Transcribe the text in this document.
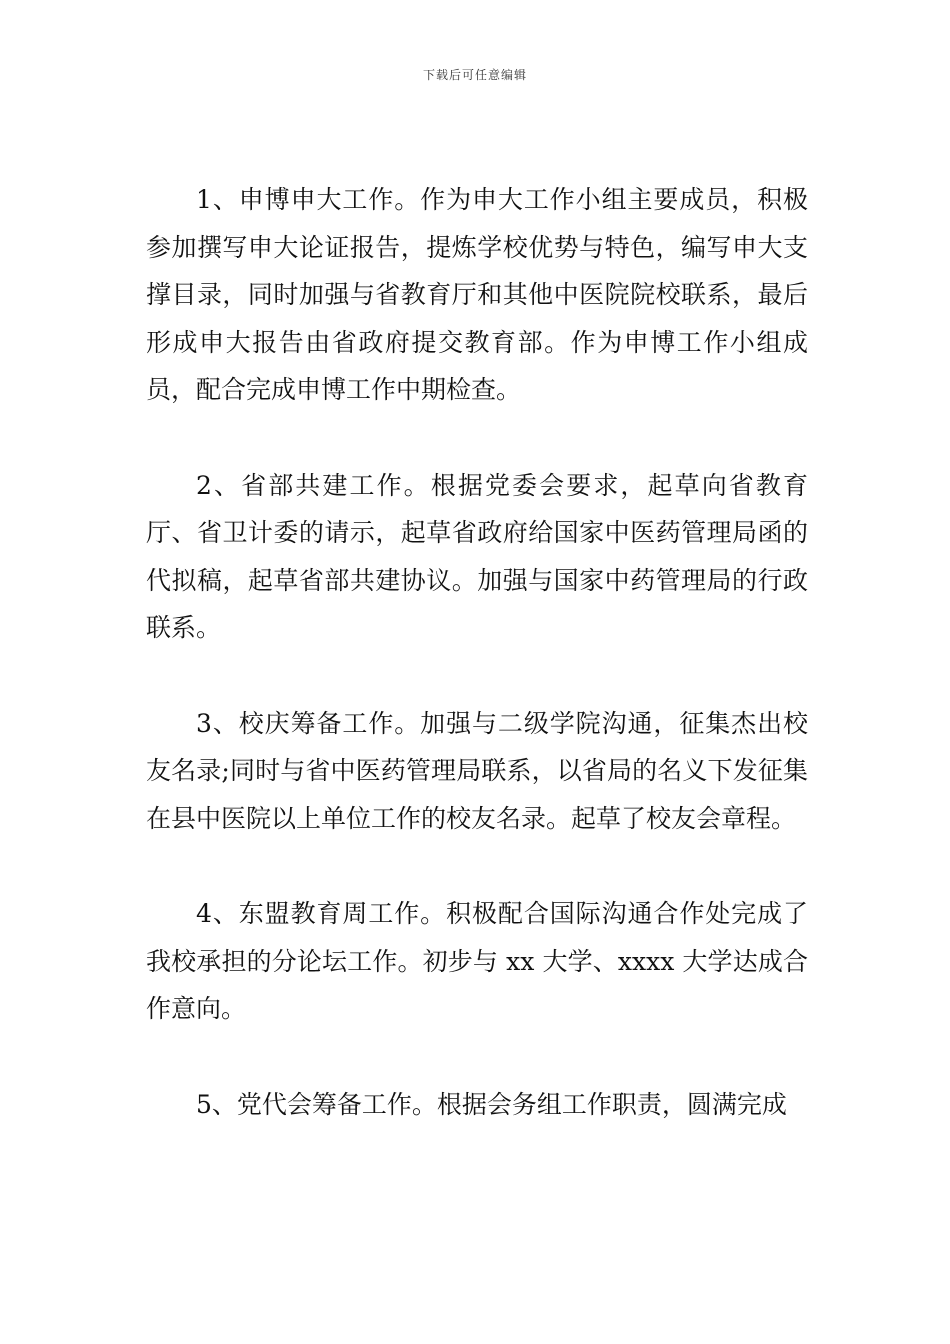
下载后可任意编辑

1、申博申大工作。作为申大工作小组主要成员，积极参加撰写申大论证报告，提炼学校优势与特色，编写申大支撑目录，同时加强与省教育厅和其他中医院院校联系，最后形成申大报告由省政府提交教育部。作为申博工作小组成员，配合完成申博工作中期检查。

2、省部共建工作。根据党委会要求，起草向省教育厅、省卫计委的请示，起草省政府给国家中医药管理局函的代拟稿，起草省部共建协议。加强与国家中药管理局的行政联系。

3、校庆筹备工作。加强与二级学院沟通，征集杰出校友名录;同时与省中医药管理局联系，以省局的名义下发征集在县中医院以上单位工作的校友名录。起草了校友会章程。

4、东盟教育周工作。积极配合国际沟通合作处完成了我校承担的分论坛工作。初步与 xx 大学、xxxx 大学达成合作意向。

5、党代会筹备工作。根据会务组工作职责，圆满完成
